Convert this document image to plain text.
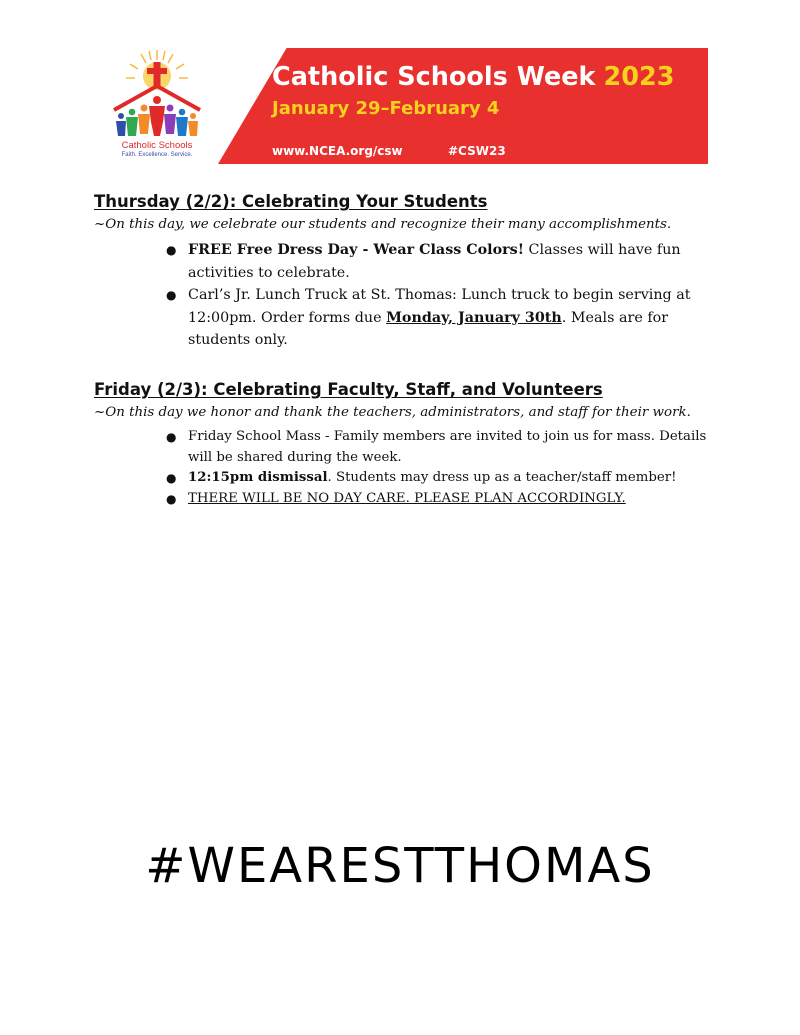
Catholic Schools
Faith. Excellence. Service.
Catholic Schools Week 2023
January 29–February 4
www.NCEA.org/csw	#CSW23
Thursday (2/2): Celebrating Your Students

~On this day, we celebrate our students and recognize their many accomplishments.

● FREE Free Dress Day - Wear Class Colors! Classes will have fun activities to celebrate.
● Carl’s Jr. Lunch Truck at St. Thomas: Lunch truck to begin serving at 12:00pm. Order forms due Monday, January 30th. Meals are for students only.
Friday (2/3): Celebrating Faculty, Staff, and Volunteers

~On this day we honor and thank the teachers, administrators, and staff for their work.

● Friday School Mass - Family members are invited to join us for mass. Details will be shared during the week.
● 12:15pm dismissal. Students may dress up as a teacher/staff member!
● THERE WILL BE NO DAY CARE. PLEASE PLAN ACCORDINGLY.
#WEARESTTHOMAS
